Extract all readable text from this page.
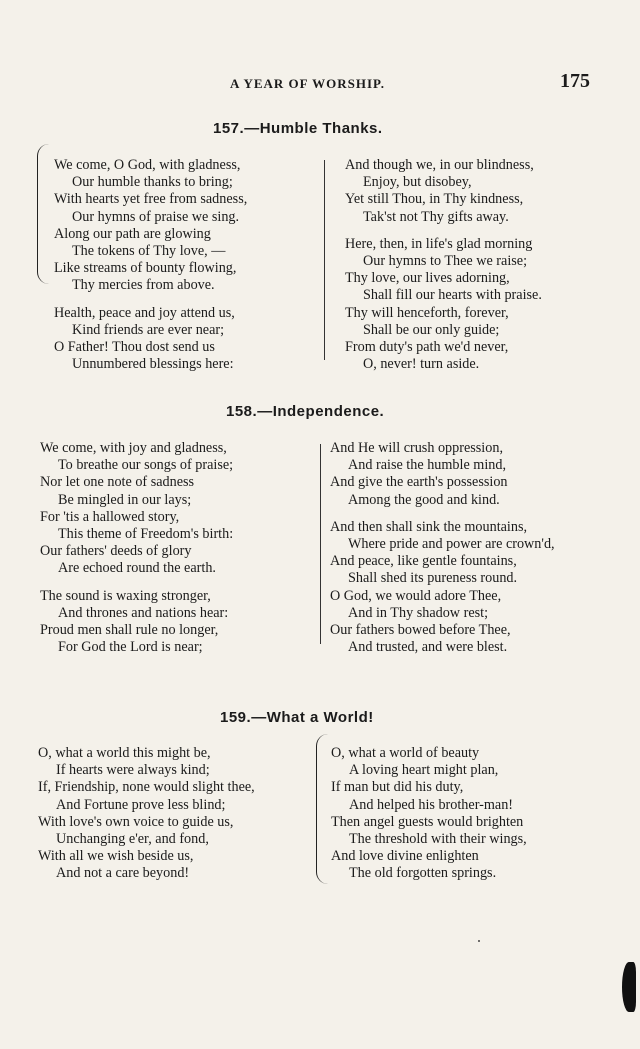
A YEAR OF WORSHIP.	175
157.—Humble Thanks.
We come, O God, with gladness,
Our humble thanks to bring;
With hearts yet free from sadness,
Our hymns of praise we sing.
Along our path are glowing
The tokens of Thy love, —
Like streams of bounty flowing,
Thy mercies from above.
Health, peace and joy attend us,
Kind friends are ever near;
O Father! Thou dost send us
Unnumbered blessings here:
And though we, in our blindness,
Enjoy, but disobey,
Yet still Thou, in Thy kindness,
Tak'st not Thy gifts away.
Here, then, in life's glad morning
Our hymns to Thee we raise;
Thy love, our lives adorning,
Shall fill our hearts with praise.
Thy will henceforth, forever,
Shall be our only guide;
From duty's path we'd never,
O, never! turn aside.
158.—Independence.
We come, with joy and gladness,
To breathe our songs of praise;
Nor let one note of sadness
Be mingled in our lays;
For 'tis a hallowed story,
This theme of Freedom's birth:
Our fathers' deeds of glory
Are echoed round the earth.
The sound is waxing stronger,
And thrones and nations hear:
Proud men shall rule no longer,
For God the Lord is near;
And He will crush oppression,
And raise the humble mind,
And give the earth's possession
Among the good and kind.
And then shall sink the mountains,
Where pride and power are crown'd,
And peace, like gentle fountains,
Shall shed its pureness round.
O God, we would adore Thee,
And in Thy shadow rest;
Our fathers bowed before Thee,
And trusted, and were blest.
159.—What a World!
O, what a world this might be,
If hearts were always kind;
If, Friendship, none would slight thee,
And Fortune prove less blind;
With love's own voice to guide us,
Unchanging e'er, and fond,
With all we wish beside us,
And not a care beyond!
O, what a world of beauty
A loving heart might plan,
If man but did his duty,
And helped his brother-man!
Then angel guests would brighten
The threshold with their wings,
And love divine enlighten
The old forgotten springs.
